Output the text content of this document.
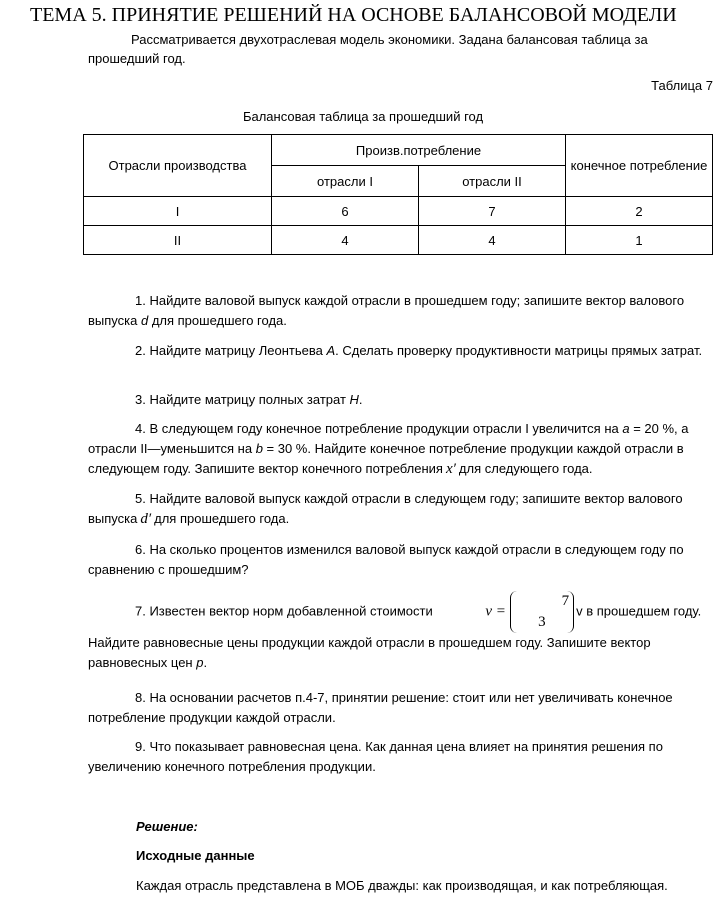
ТЕМА 5. ПРИНЯТИЕ РЕШЕНИЙ НА ОСНОВЕ БАЛАНСОВОЙ МОДЕЛИ
Рассматривается двухотраслевая модель экономики. Задана балансовая таблица за прошедший год.
Таблица 7
Балансовая таблица за прошедший год
Отрасли производства	Произв.потребление		конечное потребление
	отрасли I	отрасли II	
I	6	7	2
II	4	4	1
1. Найдите валовой выпуск каждой отрасли в прошедшем году; запишите вектор валового выпуска d для прошедшего года.
2. Найдите матрицу Леонтьева A. Сделать проверку продуктивности матрицы прямых затрат.
3. Найдите матрицу полных затрат H.
4. В следующем году конечное потребление продукции отрасли I увеличится на a = 20 %, а отрасли II—уменьшится на b = 30 %. Найдите конечное потребление продукции каждой отрасли в следующем году. Запишите вектор конечного потребления x′ для следующего года.
5. Найдите валовой выпуск каждой отрасли в следующем году; запишите вектор валового выпуска d′ для прошедшего года.
6. На сколько процентов изменился валовой выпуск каждой отрасли в следующем году по сравнению с прошедшим?
7. Известен вектор норм добавленной стоимости	v = 7
3v в прошедшем году. Найдите равновесные цены продукции каждой отрасли в прошедшем году. Запишите вектор равновесных цен p.
8. На основании расчетов п.4-7, принятии решение: стоит или нет увеличивать конечное потребление продукции каждой отрасли.
9. Что показывает равновесная цена. Как данная цена влияет на принятия решения по увеличению конечного потребления продукции.
Решение:
Исходные данные
Каждая отрасль представлена в МОБ дважды: как производящая, и как потребляющая.
